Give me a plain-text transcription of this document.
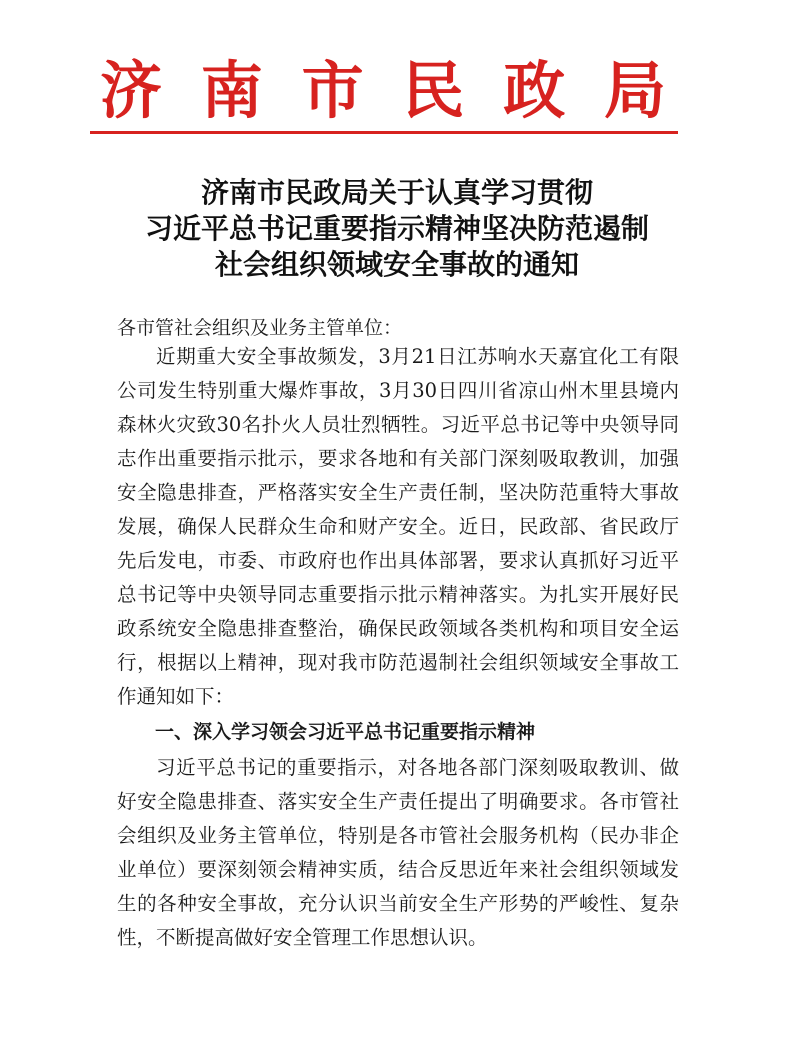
济 南 市 民 政 局
济南市民政局关于认真学习贯彻
习近平总书记重要指示精神坚决防范遏制
社会组织领域安全事故的通知
各市管社会组织及业务主管单位：
近期重大安全事故频发，3月21日江苏响水天嘉宜化工有限公司发生特别重大爆炸事故，3月30日四川省凉山州木里县境内森林火灾致30名扑火人员壮烈牺牲。习近平总书记等中央领导同志作出重要指示批示，要求各地和有关部门深刻吸取教训，加强安全隐患排查，严格落实安全生产责任制，坚决防范重特大事故发展，确保人民群众生命和财产安全。近日，民政部、省民政厅先后发电，市委、市政府也作出具体部署，要求认真抓好习近平总书记等中央领导同志重要指示批示精神落实。为扎实开展好民政系统安全隐患排查整治，确保民政领域各类机构和项目安全运行，根据以上精神，现对我市防范遏制社会组织领域安全事故工作通知如下：
一、深入学习领会习近平总书记重要指示精神
习近平总书记的重要指示，对各地各部门深刻吸取教训、做好安全隐患排查、落实安全生产责任提出了明确要求。各市管社会组织及业务主管单位，特别是各市管社会服务机构（民办非企业单位）要深刻领会精神实质，结合反思近年来社会组织领域发生的各种安全事故，充分认识当前安全生产形势的严峻性、复杂性，不断提高做好安全管理工作思想认识。
